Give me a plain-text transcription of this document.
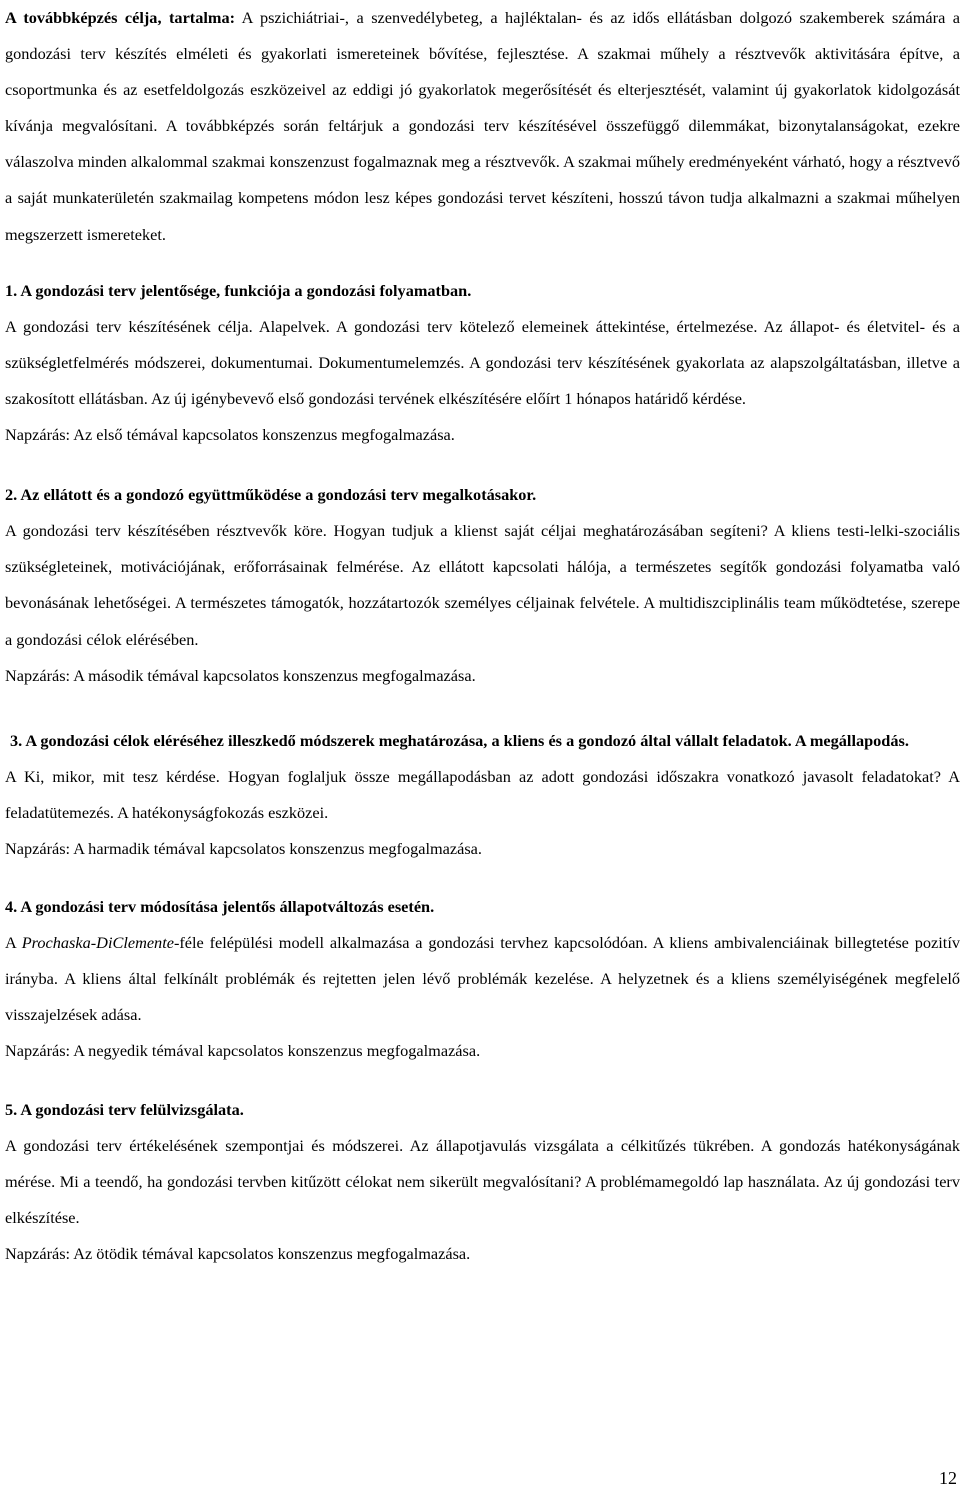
A továbbképzés célja, tartalma: A pszichiátriai-, a szenvedélybeteg, a hajléktalan- és az idős ellátásban dolgozó szakemberek számára a gondozási terv készítés elméleti és gyakorlati ismereteinek bővítése, fejlesztése. A szakmai műhely a résztvevők aktivitására építve, a csoportmunka és az esetfeldolgozás eszközeivel az eddigi jó gyakorlatok megerősítését és elterjesztését, valamint új gyakorlatok kidolgozását kívánja megvalósítani. A továbbképzés során feltárjuk a gondozási terv készítésével összefüggő dilemmákat, bizonytalanságokat, ezekre válaszolva minden alkalommal szakmai konszenzust fogalmaznak meg a résztvevők. A szakmai műhely eredményeként várható, hogy a résztvevő a saját munkaterületén szakmailag kompetens módon lesz képes gondozási tervet készíteni, hosszú távon tudja alkalmazni a szakmai műhelyen megszerzett ismereteket.

1. A gondozási terv jelentősége, funkciója a gondozási folyamatban.

A gondozási terv készítésének célja. Alapelvek. A gondozási terv kötelező elemeinek áttekintése, értelmezése. Az állapot- és életvitel- és a szükségletfelmérés módszerei, dokumentumai. Dokumentumelemzés. A gondozási terv készítésének gyakorlata az alapszolgáltatásban, illetve a szakosított ellátásban. Az új igénybevevő első gondozási tervének elkészítésére előírt 1 hónapos határidő kérdése.

Napzárás: Az első témával kapcsolatos konszenzus megfogalmazása.

2. Az ellátott és a gondozó együttműködése a gondozási terv megalkotásakor.

A gondozási terv készítésében résztvevők köre. Hogyan tudjuk a klienst saját céljai meghatározásában segíteni? A kliens testi-lelki-szociális szükségleteinek, motivációjának, erőforrásainak felmérése. Az ellátott kapcsolati hálója, a természetes segítők gondozási folyamatba való bevonásának lehetőségei. A természetes támogatók, hozzátartozók személyes céljainak felvétele. A multidiszciplinális team működtetése, szerepe a gondozási célok elérésében.

Napzárás: A második témával kapcsolatos konszenzus megfogalmazása.

3. A gondozási célok eléréséhez illeszkedő módszerek meghatározása, a kliens és a gondozó által vállalt feladatok. A megállapodás.

A Ki, mikor, mit tesz kérdése. Hogyan foglaljuk össze megállapodásban az adott gondozási időszakra vonatkozó javasolt feladatokat? A feladatütemezés. A hatékonyságfokozás eszközei.

Napzárás: A harmadik témával kapcsolatos konszenzus megfogalmazása.

4. A gondozási terv módosítása jelentős állapotváltozás esetén.

A Prochaska-DiClemente-féle felépülési modell alkalmazása a gondozási tervhez kapcsolódóan. A kliens ambivalenciáinak billegtetése pozitív irányba. A kliens által felkínált problémák és rejtetten jelen lévő problémák kezelése. A helyzetnek és a kliens személyiségének megfelelő visszajelzések adása.

Napzárás: A negyedik témával kapcsolatos konszenzus megfogalmazása.

5. A gondozási terv felülvizsgálata.

A gondozási terv értékelésének szempontjai és módszerei. Az állapotjavulás vizsgálata a célkitűzés tükrében. A gondozás hatékonyságának mérése. Mi a teendő, ha gondozási tervben kitűzött célokat nem sikerült megvalósítani? A problémamegoldó lap használata. Az új gondozási terv elkészítése.

Napzárás: Az ötödik témával kapcsolatos konszenzus megfogalmazása.

12
